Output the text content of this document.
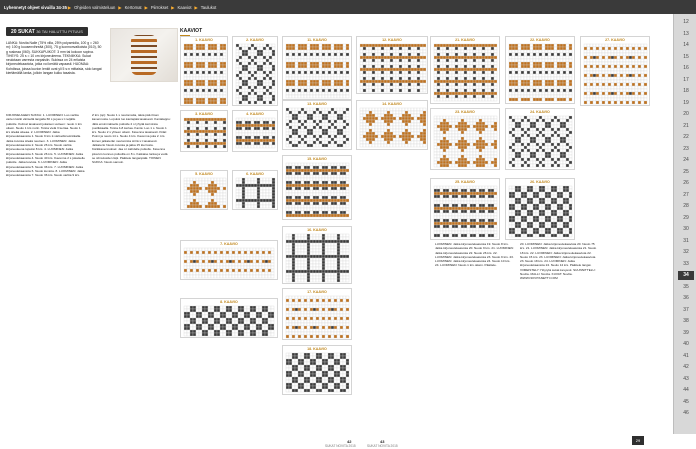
Lyhennetyt ohjeet sivuilla 34-35 ▶ Ohjeiden valmisteluun ▶ Kertomat ▶ Piirrokset ▶ Kaaviot ▶ Taulukot
12
13
14
15
16
17
18
19
20
21
22
23
24
25
26
27
28
29
30
31
32
33
34
35
36
37
38
39
40
41
42
43
44
45
46
20 SUKAT 36 TAI HALUTTU PITUUS
LANKA: Novita Nalle (75% villa, 25% polyamidia, 100 g = 260 m): 100 g kuusenvihreää (300), 75 g luonnonvalkoista (010), 50 g ruskeaa (060). SUKKAPUIKOT: 3 mm tai kokoon sopiva. TIHEYS: 25 s = 10 cm kirjoneuleena. TEKNIIKKA: Sukat neulotaan varresta varpaisiin. Sukissa on 24 erilaista kirjoneulekaaviota, jotka voi kerätä vapaasti. HUOMAA: Kohdissa, joissa kuvion lenkit ovat yli 5 s:n mittaisia, sido langat kiertämällä lanka, jolloin langan kulku tasaista.
KIRJONEULEEN SUKKA: 1. LUOMINEN: Luo varttia varten kärki värisellä langalla 60 s ja jaa s:t neljälle puikolle. Kulmat tasaisesti jokaisen uutteen: neulo 1 krs oikein. Neulo 1 krs nurin. Toista vielä 3 kertaa. Neulo 1 krs sileää oikeaa. 2. LUOMINEN: Jatka kirjoneulekaaviota 1. Neulo 9 krs 2-värisellä tekniikalla. Jatka kuviota sileää neuloen. 3. LUOMINEN: Jatka kirjoneulekaaviota 2. Neulo 26 krs. Neulo varttia kirjoneuleena lopuksi 8 krs. 4. LUOMINEN: Jatka kirjoneulekaaviota 3. Neulo 26 krs. 5. LUOMINEN: Jatka kirjoneulekaaviota 4. Neulo 40 krs. Kavenna 2 s jokaiselle puikolle. Jatka kuviota. 6. LUOMINEN: Jatka kirjoneulekaaviota 5. Neulo 36 krs. 7. LUOMINEN: Jatka kirjoneulekaaviota 6. Neulo kuviota. 8. LUOMINEN: Jatka kirjoneulekaaviota 7. Neulo 36 krs. Neulo varttia 9 krs.
Z krs (op): Neulo 1 s neulomatta, takia pää ilman kavennusta. Lopuksi luo kantapää tasaisesti. Kantalappu: Jätä ensimmäiselle puikolle 2 s lyhyitä kerroksia puolikkaalla. Toista 4-8 kertaa. Kanta: Luo 1 s. Neulo 1 krs. Neulo 2 s yhteen oikein. Kavenna tasaisesti. Kiilat: Poimi ja neulo 14 s. Neulo 4 krs. Kavenna joka 2. krs. Ennen jalkaterän neulomista siirrä s:t tasaisesti. Jalkaterä: Neulo kuviota ja jatka 15 kierrosta. Kärkikavennukset: Jaa s:t kahdelle puikolle. Kavenna joka krs kunnes puikoilla on 8 s. Katkaise lanka ja vedä se silmukoiden läpi. Päättele langanpäät. TOINEN SUKKA: Neulo samoin.
LUOMINEN: Jatka kirjoneulekaaviota 19. Neulo 8 krs. Jatka kirjoneulekaaviota 20. Neulo 9 krs. 21. LUOMINEN: Jatka kirjoneulekaaviota 22. Neulo 26 krs. 22. LUOMINEN: Jatka kirjoneulekaaviota 23. Neulo 9 krs. 23. LUOMINEN: Jatka kirjoneulekaaviota 24. Neulo 10 krs. 24. LUOMINEN: Neulo 1 krs oikein. Päättele.
20. LUOMINEN: Jatka kirjoneulekaaviota 20. Neulo 75 krs. 21. LUOMINEN: Jatka kirjoneulekaaviota 21. Neulo 18 krs. 22. LUOMINEN: Jatka kirjoneulekaaviota 22. Neulo 15 krs. 23. LUOMINEN: Jatka kirjoneulekaaviota 23. Neulo 18 krs. 24. LUOMINEN: Jatka kirjoneulekaaviota 24. Neulo 12 krs. Päättele langat. VIIMEISTELY: Höyrytä sukat kevyesti. SUUNNITTELU: Novita. MALLI: Novita. KUVAT: Novita. WWW.NOVITANETTI.COM
KAAVIOT
1. KAAVIO	2. KAAVIO
3. KAAVIO	4. KAAVIO
5. KAAVIO	6. KAAVIO
7. KAAVIO
8. KAAVIO
11. KAAVIO	12. KAAVIO
13. KAAVIO	14. KAAVIO
15. KAAVIO
16. KAAVIO
17. KAAVIO
18. KAAVIO
21. KAAVIO	22. KAAVIO
23. KAAVIO	24. KAAVIO
25. KAAVIO	26. KAAVIO
27. KAAVIO
42
SUKAT NOVITA 2015
43
SUKAT NOVITA 2015
29
